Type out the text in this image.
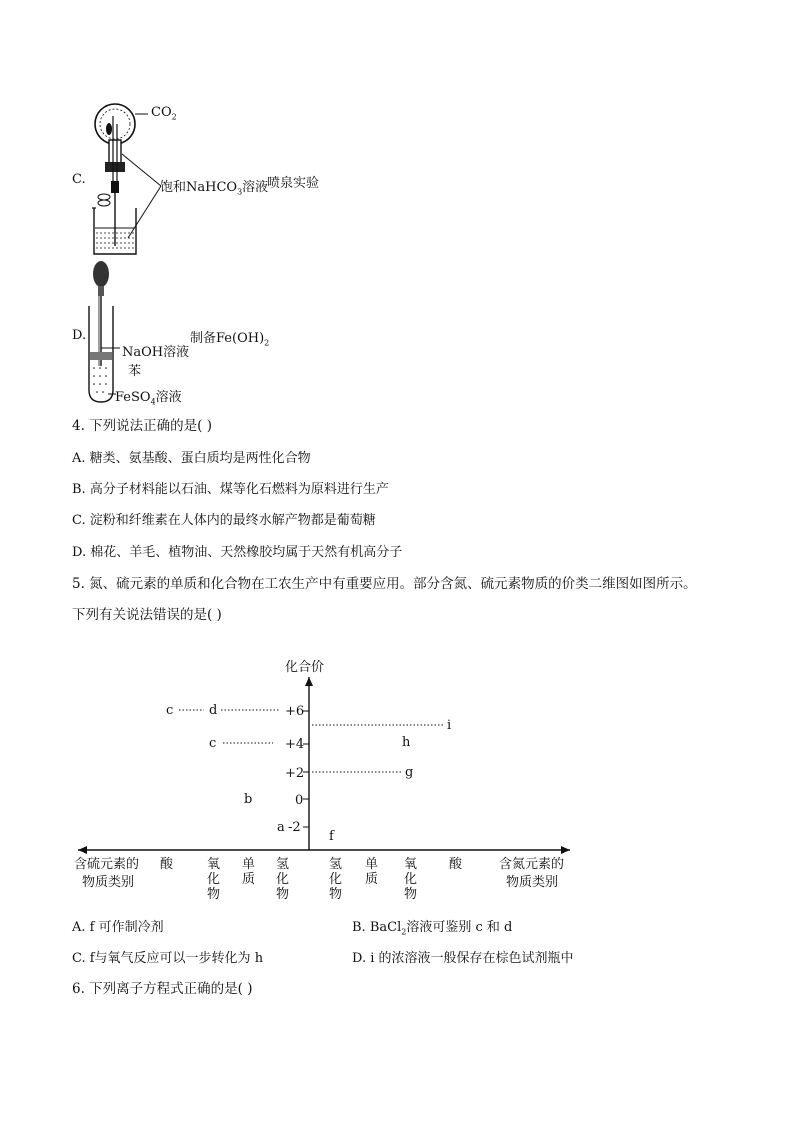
C.
$CO_2$
饱和NaHCO$_3$溶液
喷泉实验
D.	制备$Fe(OH)_2$
NaOH溶液
苯
FeSO$_4$溶液
4. 下列说法正确的是( )
A. 糖类、氨基酸、蛋白质均是两性化合物
B. 高分子材料能以石油、煤等化石燃料为原料进行生产
C. 淀粉和纤维素在人体内的最终水解产物都是葡萄糖
D. 棉花、羊毛、植物油、天然橡胶均属于天然有机高分子
5. 氮、硫元素的单质和化合物在工农生产中有重要应用。部分含氮、硫元素物质的价类二维图如图所示。
下列有关说法错误的是( )
化合价
+6
+4
+2
0
-2
c	d
c
b
a
f
g
h
i
含硫元素的
物质类别
含氮元素的
物质类别
酸	氧
化
物
单
质
氢
化
物
氢
化
物
单
质
氧
化
物
酸
A. f 可作制冷剂	B. BaCl$_2$溶液可鉴别 c 和 d
C. f与氧气反应可以一步转化为 h	D. i 的浓溶液一般保存在棕色试剂瓶中
6. 下列离子方程式正确的是( )
